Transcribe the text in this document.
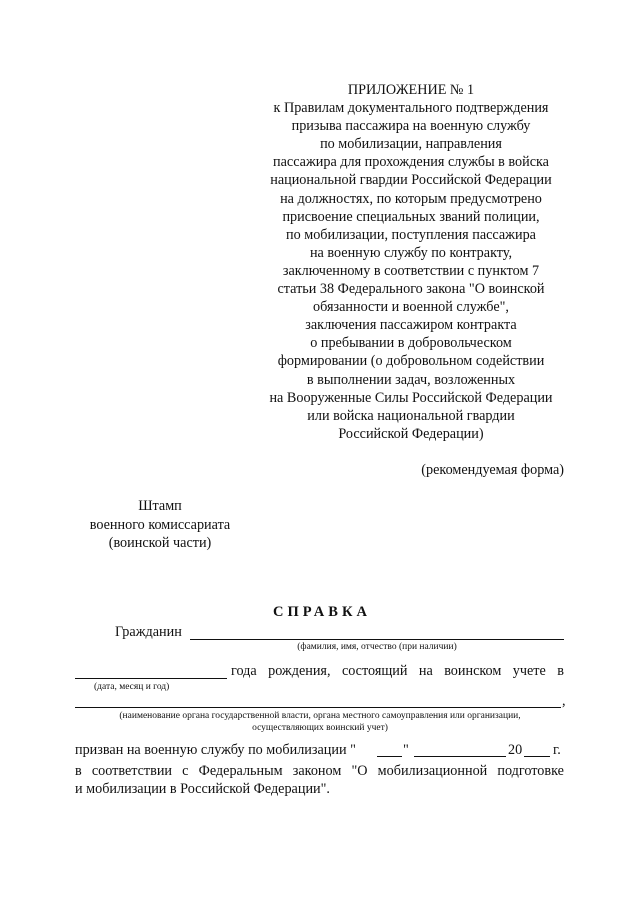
ПРИЛОЖЕНИЕ № 1
к Правилам документального подтверждения
призыва пассажира на военную службу
по мобилизации, направления
пассажира для прохождения службы в войска
национальной гвардии Российской Федерации
на должностях, по которым предусмотрено
присвоение специальных званий полиции,
по мобилизации, поступления пассажира
на военную службу по контракту,
заключенному в соответствии с пунктом 7
статьи 38 Федерального закона "О воинской
обязанности и военной службе",
заключения пассажиром контракта
о пребывании в добровольческом
формировании (о добровольном содействии
в выполнении задач, возложенных
на Вооруженные Силы Российской Федерации
или войска национальной гвардии
Российской Федерации)
(рекомендуемая форма)
Штамп
военного комиссариата
(воинской части)
СПРАВКА
Гражданин
(фамилия, имя, отчество (при наличии)
года рождения, состоящий на воинском учете в
(дата, месяц и год)
,
(наименование органа государственной власти, органа местного самоуправления или организации,
осуществляющих воинский учет)
призван на военную службу по мобилизации "	"	20 г.
в соответствии с Федеральным законом "О мобилизационной подготовке
и мобилизации в Российской Федерации".
